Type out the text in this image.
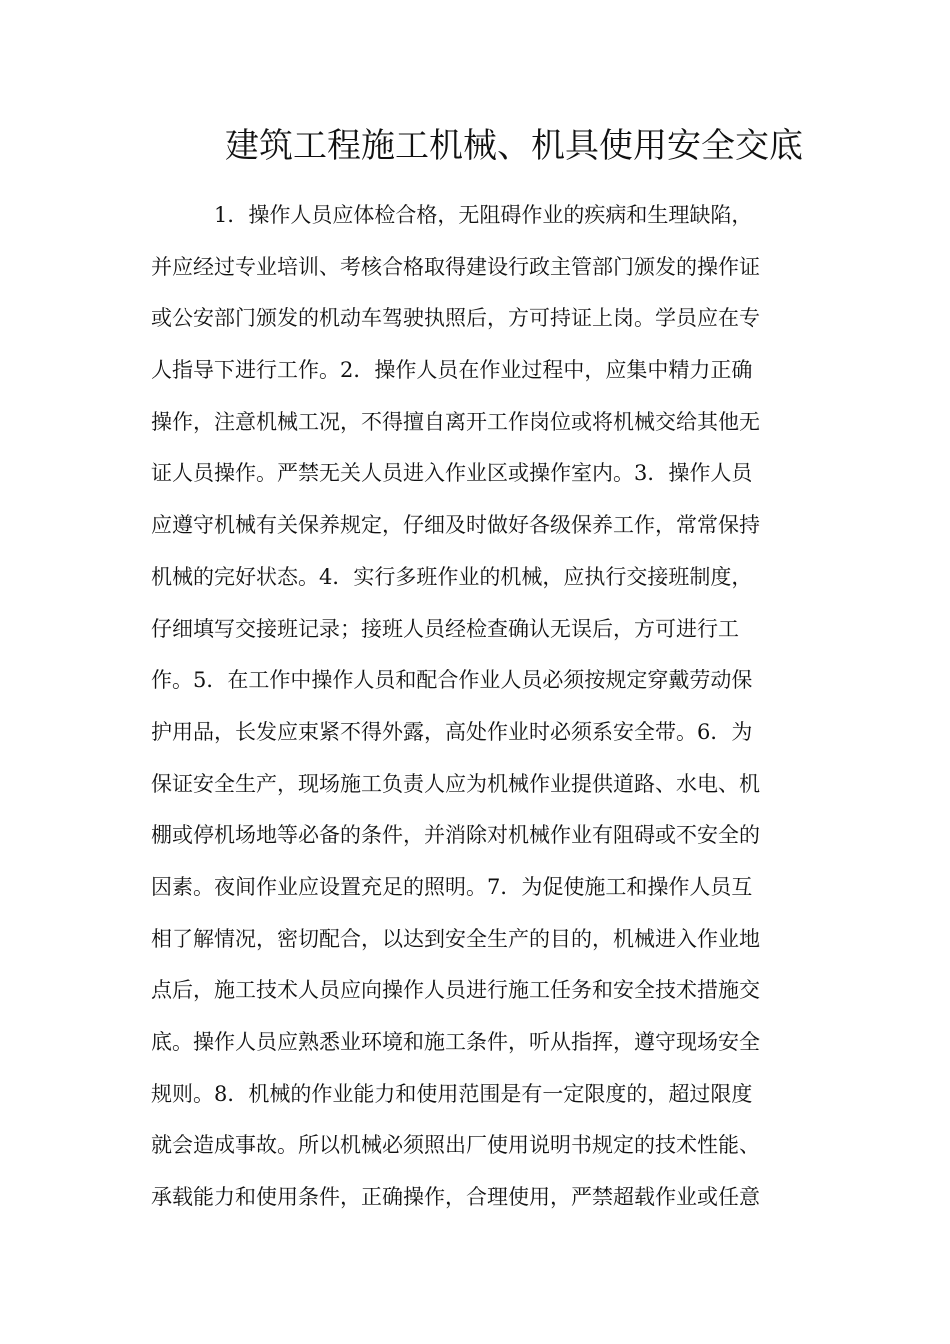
建筑工程施工机械、机具使用安全交底
1．操作人员应体检合格，无阻碍作业的疾病和生理缺陷，
并应经过专业培训、考核合格取得建设行政主管部门颁发的操作证
或公安部门颁发的机动车驾驶执照后，方可持证上岗。学员应在专
人指导下进行工作。2．操作人员在作业过程中，应集中精力正确
操作，注意机械工况，不得擅自离开工作岗位或将机械交给其他无
证人员操作。严禁无关人员进入作业区或操作室内。3．操作人员
应遵守机械有关保养规定，仔细及时做好各级保养工作，常常保持
机械的完好状态。4．实行多班作业的机械，应执行交接班制度，
仔细填写交接班记录；接班人员经检查确认无误后，方可进行工
作。5．在工作中操作人员和配合作业人员必须按规定穿戴劳动保
护用品，长发应束紧不得外露，高处作业时必须系安全带。6．为
保证安全生产，现场施工负责人应为机械作业提供道路、水电、机
棚或停机场地等必备的条件，并消除对机械作业有阻碍或不安全的
因素。夜间作业应设置充足的照明。7．为促使施工和操作人员互
相了解情况，密切配合，以达到安全生产的目的，机械进入作业地
点后，施工技术人员应向操作人员进行施工任务和安全技术措施交
底。操作人员应熟悉业环境和施工条件，听从指挥，遵守现场安全
规则。8．机械的作业能力和使用范围是有一定限度的，超过限度
就会造成事故。所以机械必须照出厂使用说明书规定的技术性能、
承载能力和使用条件，正确操作，合理使用，严禁超载作业或任意
